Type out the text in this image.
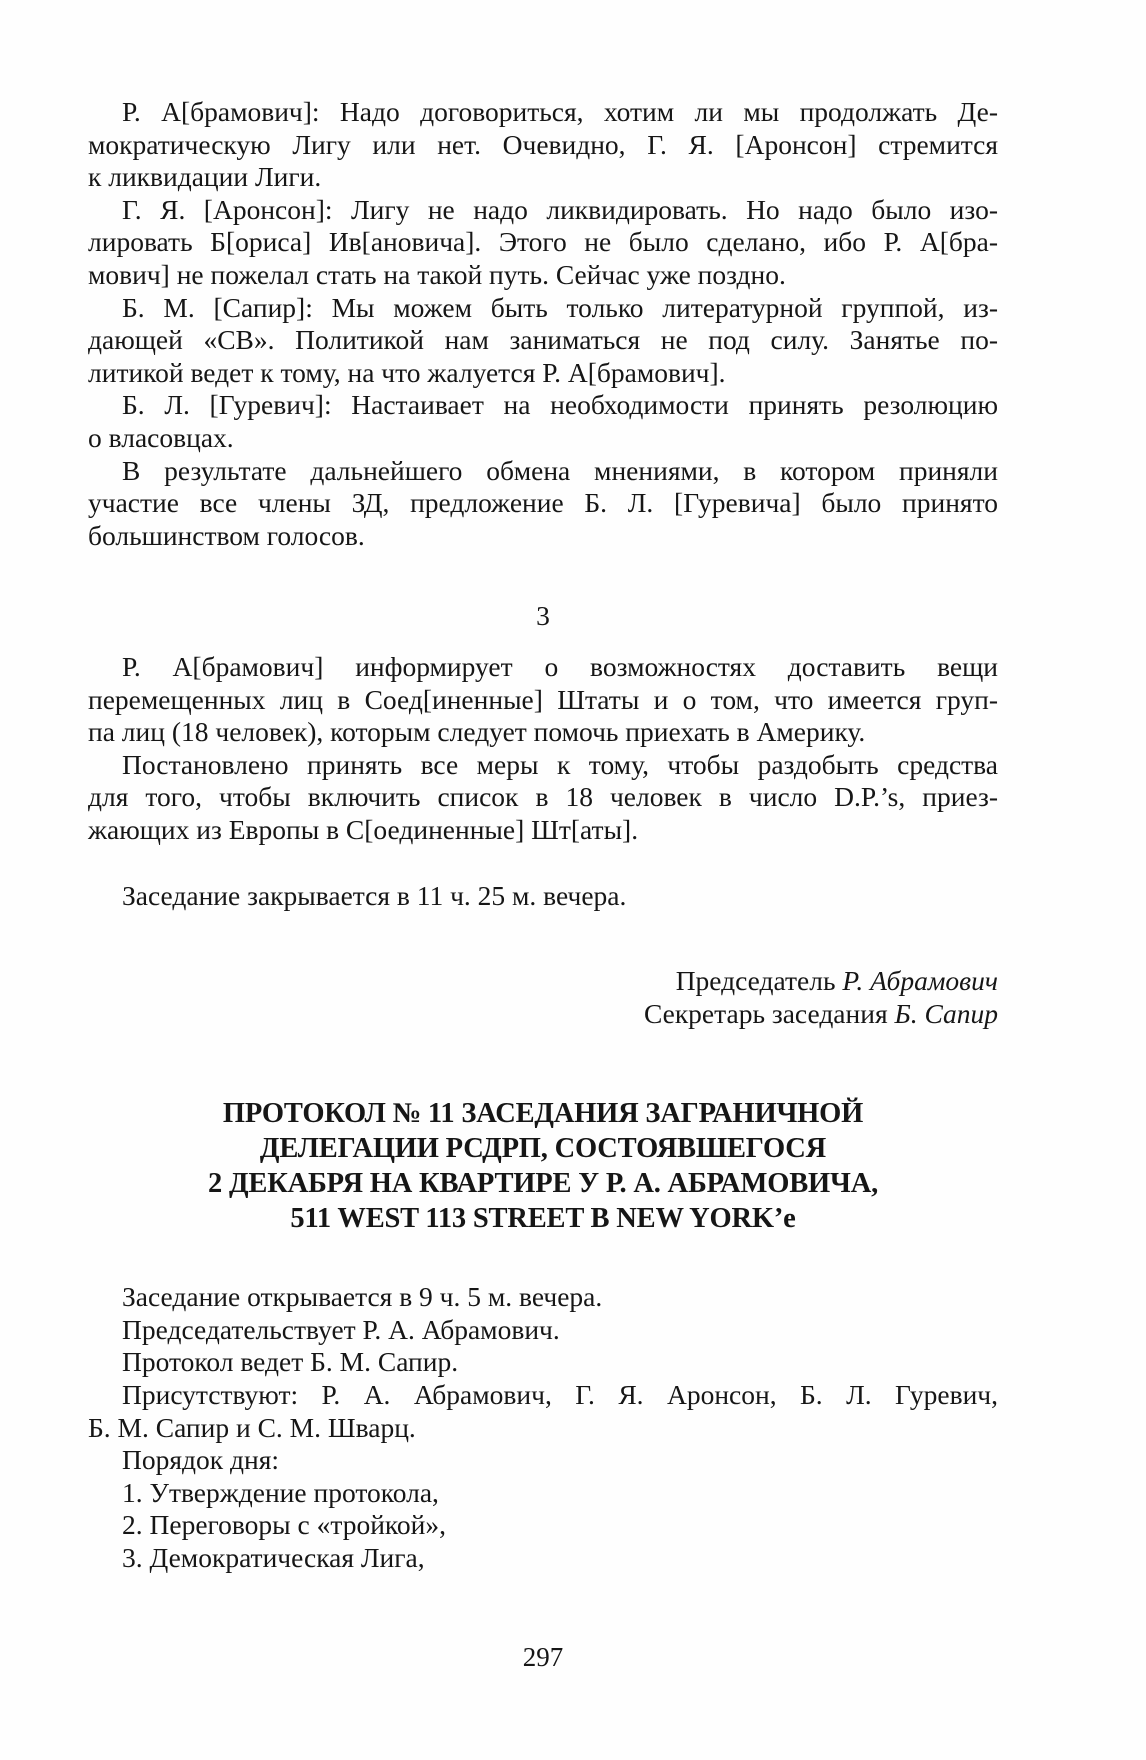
Р. А[брамович]: Надо договориться, хотим ли мы продолжать Де-
мократическую Лигу или нет. Очевидно, Г. Я. [Аронсон] стремится
к ликвидации Лиги.
Г. Я. [Аронсон]: Лигу не надо ликвидировать. Но надо было изо-
лировать Б[ориса] Ив[ановича]. Этого не было сделано, ибо Р. А[бра-
мович] не пожелал стать на такой путь. Сейчас уже поздно.
Б. М. [Сапир]: Мы можем быть только литературной группой, из-
дающей «СВ». Политикой нам заниматься не под силу. Занятье по-
литикой ведет к тому, на что жалуется Р. А[брамович].
Б. Л. [Гуревич]: Настаивает на необходимости принять резолюцию
о власовцах.
В результате дальнейшего обмена мнениями, в котором приняли
участие все члены ЗД, предложение Б. Л. [Гуревича] было принято
большинством голосов.
3
Р. А[брамович] информирует о возможностях доставить вещи
перемещенных лиц в Соед[иненные] Штаты и о том, что имеется груп-
па лиц (18 человек), которым следует помочь приехать в Америку.
Постановлено принять все меры к тому, чтобы раздобыть средства
для того, чтобы включить список в 18 человек в число D.P.’s, приез-
жающих из Европы в С[оединенные] Шт[аты].
Заседание закрывается в 11 ч. 25 м. вечера.
Председатель Р. Абрамович
Секретарь заседания Б. Сапир
ПРОТОКОЛ № 11 ЗАСЕДАНИЯ ЗАГРАНИЧНОЙ
ДЕЛЕГАЦИИ РСДРП, СОСТОЯВШЕГОСЯ
2 ДЕКАБРЯ НА КВАРТИРЕ У Р. А. АБРАМОВИЧА,
511 WEST 113 STREET В NEW YORK’е
Заседание открывается в 9 ч. 5 м. вечера.
Председательствует Р. А. Абрамович.
Протокол ведет Б. М. Сапир.
Присутствуют: Р. А. Абрамович, Г. Я. Аронсон, Б. Л. Гуревич,
Б. М. Сапир и С. М. Шварц.
Порядок дня:
1. Утверждение протокола,
2. Переговоры с «тройкой»,
3. Демократическая Лига,
297
